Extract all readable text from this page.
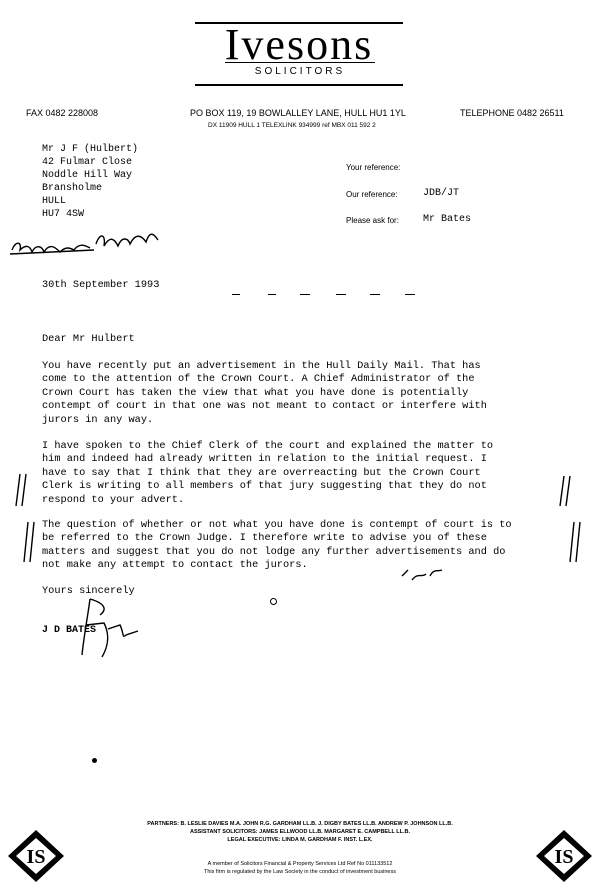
Ivesons
SOLICITORS
FAX 0482 228008	PO BOX 119, 19 BOWLALLEY LANE, HULL HU1 1YL	TELEPHONE 0482 26511
DX 11909 HULL 1 TELEXLINK 934999 ref MBX 011 592 2
Mr J F (Hulbert)
42 Fulmar Close
Noddle Hill Way
Bransholme
HULL
HU7 4SW
Your reference:
Our reference:	JDB/JT
Please ask for: Mr Bates
30th September 1993
Dear Mr Hulbert
You have recently put an advertisement in the Hull Daily Mail. That has
come to the attention of the Crown Court. A Chief Administrator of the
Crown Court has taken the view that what you have done is potentially
contempt of court in that one was not meant to contact or interfere with
jurors in any way.
I have spoken to the Chief Clerk of the court and explained the matter to
him and indeed had already written in relation to the initial request. I
have to say that I think that they are overreacting but the Crown Court
Clerk is writing to all members of that jury suggesting that they do not
respond to your advert.
The question of whether or not what you have done is contempt of court is to
be referred to the Crown Judge. I therefore write to advise you of these
matters and suggest that you do not lodge any further advertisements and do
not make any attempt to contact the jurors.
Yours sincerely
J D BATES
PARTNERS: B. LESLIE DAVIES M.A. JOHN R.G. GARDHAM LL.B. J. DIGBY BATES LL.B. ANDREW P. JOHNSON LL.B.
ASSISTANT SOLICITORS: JAMES ELLWOOD LL.B. MARGARET E. CAMPBELL LL.B.
LEGAL EXECUTIVE: LINDA M. GARDHAM F. INST. L.EX.
A member of Solicitors Financial & Property Services Ltd Ref No 011133512
This firm is regulated by the Law Society in the conduct of investment business
IS	IS
